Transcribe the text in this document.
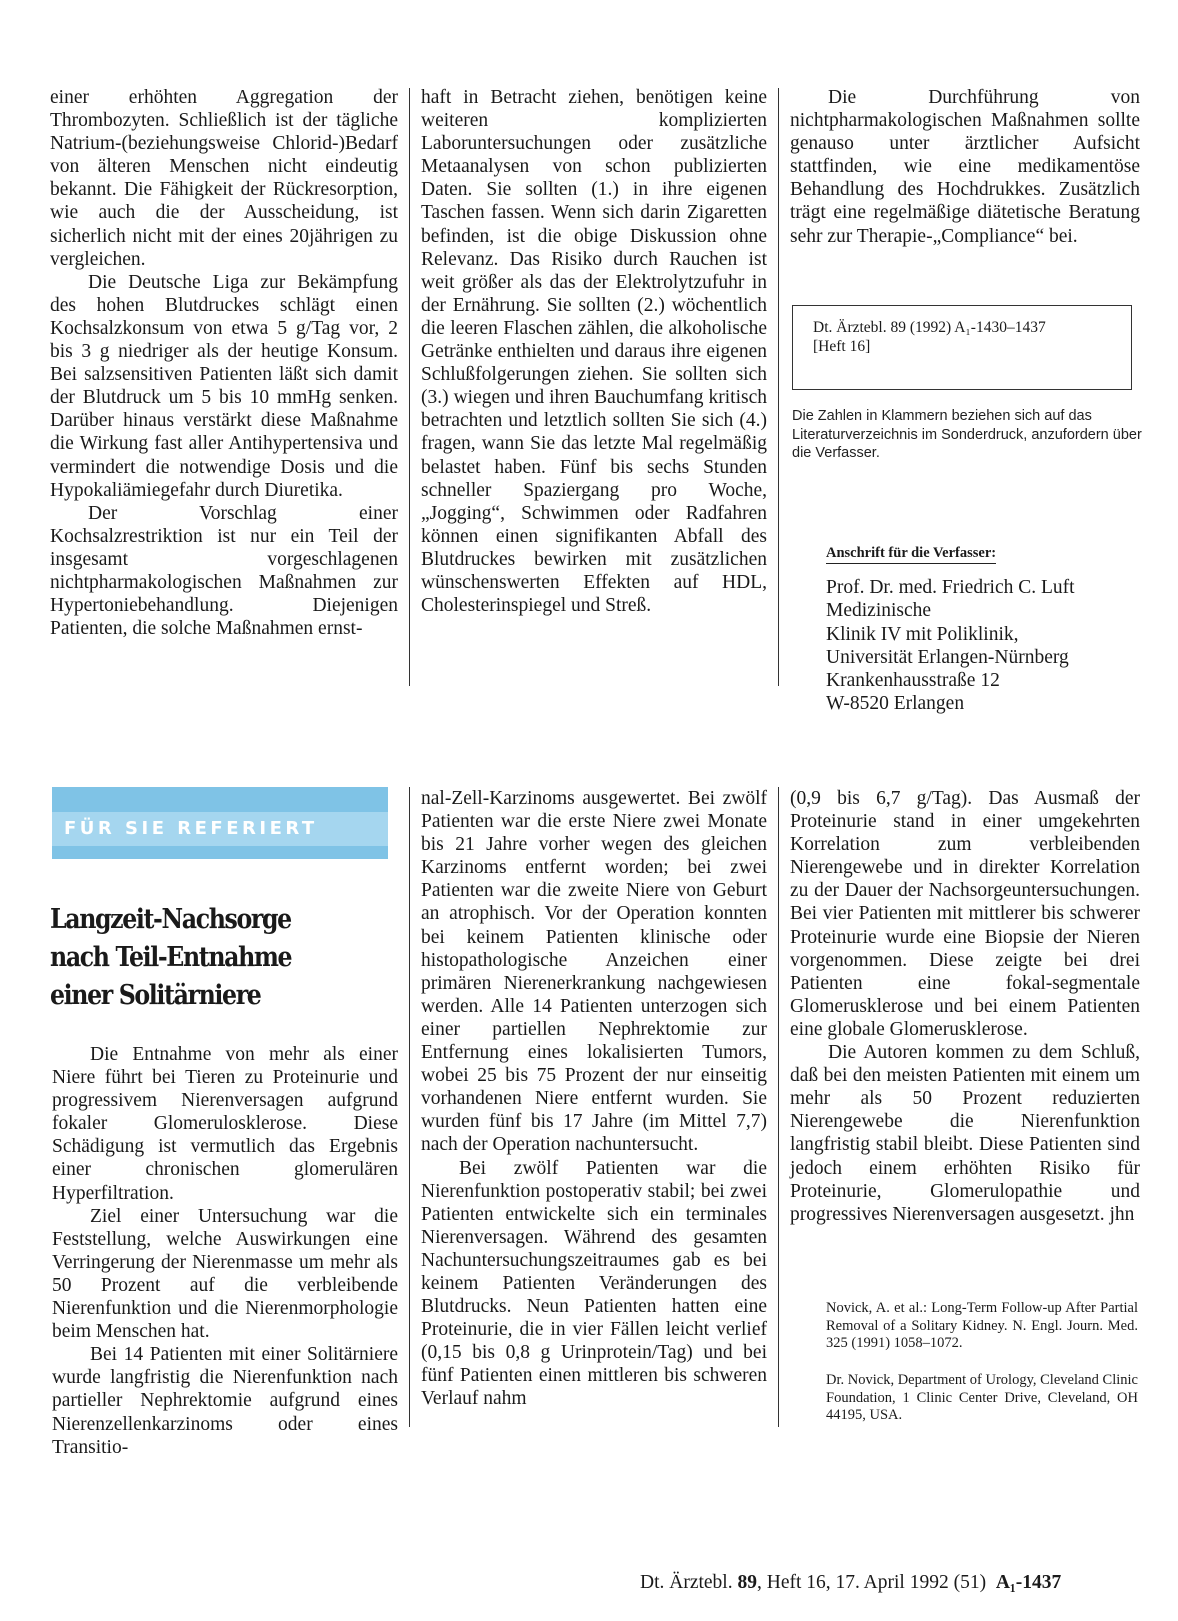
einer erhöhten Aggregation der Thrombozyten. Schließlich ist der tägliche Natrium-(beziehungsweise Chlorid-)Bedarf von älteren Menschen nicht eindeutig bekannt. Die Fähigkeit der Rückresorption, wie auch die der Ausscheidung, ist sicherlich nicht mit der eines 20jährigen zu vergleichen.

Die Deutsche Liga zur Bekämpfung des hohen Blutdruckes schlägt einen Kochsalzkonsum von etwa 5 g/Tag vor, 2 bis 3 g niedriger als der heutige Konsum. Bei salzsensitiven Patienten läßt sich damit der Blutdruck um 5 bis 10 mmHg senken. Darüber hinaus verstärkt diese Maßnahme die Wirkung fast aller Antihypertensiva und vermindert die notwendige Dosis und die Hypokaliämiegefahr durch Diuretika.

Der Vorschlag einer Kochsalzrestriktion ist nur ein Teil der insgesamt vorgeschlagenen nichtpharmakologischen Maßnahmen zur Hypertoniebehandlung. Diejenigen Patienten, die solche Maßnahmen ernst-

haft in Betracht ziehen, benötigen keine weiteren komplizierten Laboruntersuchungen oder zusätzliche Metaanalysen von schon publizierten Daten. Sie sollten (1.) in ihre eigenen Taschen fassen. Wenn sich darin Zigaretten befinden, ist die obige Diskussion ohne Relevanz. Das Risiko durch Rauchen ist weit größer als das der Elektrolytzufuhr in der Ernährung. Sie sollten (2.) wöchentlich die leeren Flaschen zählen, die alkoholische Getränke enthielten und daraus ihre eigenen Schlußfolgerungen ziehen. Sie sollten sich (3.) wiegen und ihren Bauchumfang kritisch betrachten und letztlich sollten Sie sich (4.) fragen, wann Sie das letzte Mal regelmäßig belastet haben. Fünf bis sechs Stunden schneller Spaziergang pro Woche, „Jogging“, Schwimmen oder Radfahren können einen signifikanten Abfall des Blutdruckes bewirken mit zusätzlichen wünschenswerten Effekten auf HDL, Cholesterinspiegel und Streß.

Die Durchführung von nichtpharmakologischen Maßnahmen sollte genauso unter ärztlicher Aufsicht stattfinden, wie eine medikamentöse Behandlung des Hochdrukkes. Zusätzlich trägt eine regelmäßige diätetische Beratung sehr zur Therapie-„Compliance“ bei.

Dt. Ärztebl. 89 (1992) A₁-1430–1437
[Heft 16]
Die Zahlen in Klammern beziehen sich auf das Literaturverzeichnis im Sonderdruck, anzufordern über die Verfasser.
Anschrift für die Verfasser:
Prof. Dr. med. Friedrich C. Luft
Medizinische
Klinik IV mit Poliklinik,
Universität Erlangen-Nürnberg
Krankenhausstraße 12
W-8520 Erlangen
FÜR SIE REFERIERT
Langzeit-Nachsorge
nach Teil-Entnahme
einer Solitärniere

Die Entnahme von mehr als einer Niere führt bei Tieren zu Proteinurie und progressivem Nierenversagen aufgrund fokaler Glomerulosklerose. Diese Schädigung ist vermutlich das Ergebnis einer chronischen glomerulären Hyperfiltration.

Ziel einer Untersuchung war die Feststellung, welche Auswirkungen eine Verringerung der Nierenmasse um mehr als 50 Prozent auf die verbleibende Nierenfunktion und die Nierenmorphologie beim Menschen hat.

Bei 14 Patienten mit einer Solitärniere wurde langfristig die Nierenfunktion nach partieller Nephrektomie aufgrund eines Nierenzellenkarzinoms oder eines Transitio-

nal-Zell-Karzinoms ausgewertet. Bei zwölf Patienten war die erste Niere zwei Monate bis 21 Jahre vorher wegen des gleichen Karzinoms entfernt worden; bei zwei Patienten war die zweite Niere von Geburt an atrophisch. Vor der Operation konnten bei keinem Patienten klinische oder histopathologische Anzeichen einer primären Nierenerkrankung nachgewiesen werden. Alle 14 Patienten unterzogen sich einer partiellen Nephrektomie zur Entfernung eines lokalisierten Tumors, wobei 25 bis 75 Prozent der nur einseitig vorhandenen Niere entfernt wurden. Sie wurden fünf bis 17 Jahre (im Mittel 7,7) nach der Operation nachuntersucht.

Bei zwölf Patienten war die Nierenfunktion postoperativ stabil; bei zwei Patienten entwickelte sich ein terminales Nierenversagen. Während des gesamten Nachuntersuchungszeitraumes gab es bei keinem Patienten Veränderungen des Blutdrucks. Neun Patienten hatten eine Proteinurie, die in vier Fällen leicht verlief (0,15 bis 0,8 g Urinprotein/Tag) und bei fünf Patienten einen mittleren bis schweren Verlauf nahm

(0,9 bis 6,7 g/Tag). Das Ausmaß der Proteinurie stand in einer umgekehrten Korrelation zum verbleibenden Nierengewebe und in direkter Korrelation zu der Dauer der Nachsorgeuntersuchungen. Bei vier Patienten mit mittlerer bis schwerer Proteinurie wurde eine Biopsie der Nieren vorgenommen. Diese zeigte bei drei Patienten eine fokal-segmentale Glomerusklerose und bei einem Patienten eine globale Glomerusklerose.

Die Autoren kommen zu dem Schluß, daß bei den meisten Patienten mit einem um mehr als 50 Prozent reduzierten Nierengewebe die Nierenfunktion langfristig stabil bleibt. Diese Patienten sind jedoch einem erhöhten Risiko für Proteinurie, Glomerulopathie und progressives Nierenversagen ausgesetzt. jhn

Novick, A. et al.: Long-Term Follow-up After Partial Removal of a Solitary Kidney. N. Engl. Journ. Med. 325 (1991) 1058–1072.
Dr. Novick, Department of Urology, Cleveland Clinic Foundation, 1 Clinic Center Drive, Cleveland, OH 44195, USA.
Dt. Ärztebl. 89, Heft 16, 17. April 1992 (51) A₁-1437
